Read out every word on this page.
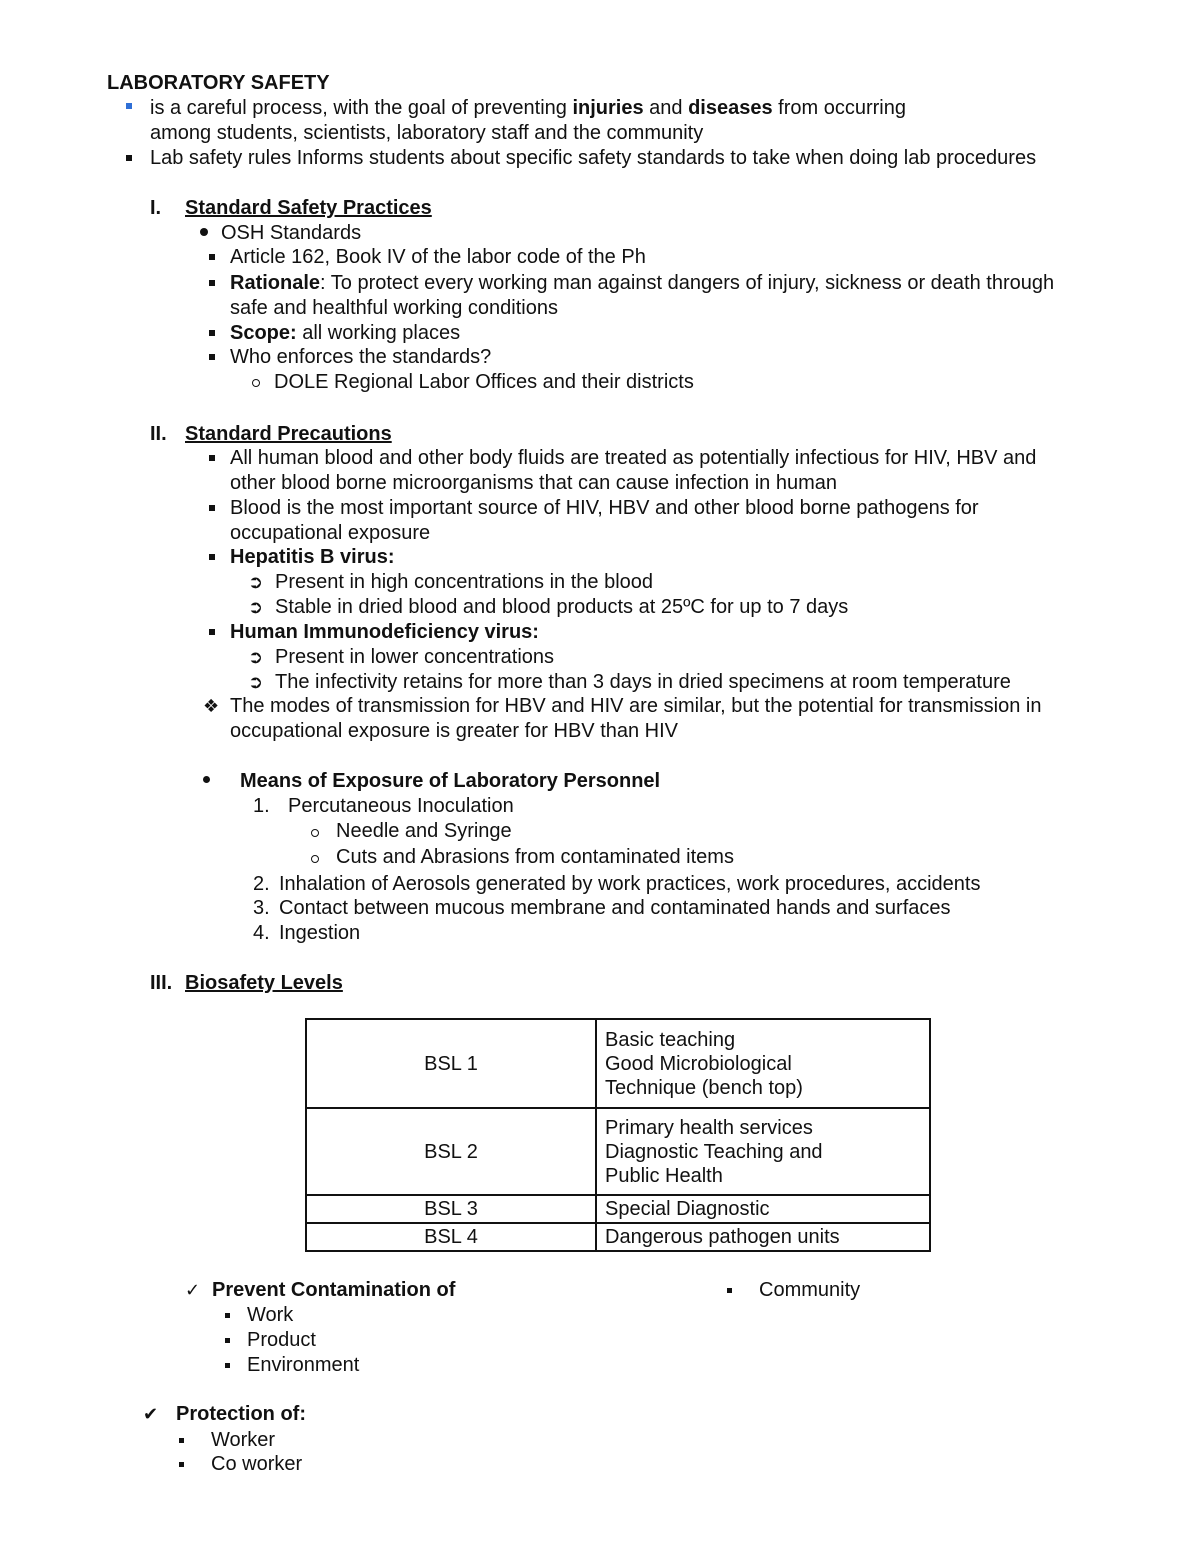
LABORATORY SAFETY
is a careful process, with the goal of preventing injuries and diseases from occurring
among students, scientists, laboratory staff and the community
Lab safety rules Informs students about specific safety standards to take when doing lab procedures
I. Standard Safety Practices
OSH Standards
Article 162, Book IV of the labor code of the Ph
Rationale: To protect every working man against dangers of injury, sickness or death through
safe and healthful working conditions
Scope: all working places
Who enforces the standards?
DOLE Regional Labor Offices and their districts
II. Standard Precautions
All human blood and other body fluids are treated as potentially infectious for HIV, HBV and
other blood borne microorganisms that can cause infection in human
Blood is the most important source of HIV, HBV and other blood borne pathogens for
occupational exposure
Hepatitis B virus:
➲ Present in high concentrations in the blood
➲ Stable in dried blood and blood products at 25ºC for up to 7 days
Human Immunodeficiency virus:
➲ Present in lower concentrations
➲ The infectivity retains for more than 3 days in dried specimens at room temperature
❖ The modes of transmission for HBV and HIV are similar, but the potential for transmission in
occupational exposure is greater for HBV than HIV
Means of Exposure of Laboratory Personnel
1. Percutaneous Inoculation
Needle and Syringe
Cuts and Abrasions from contaminated items
2. Inhalation of Aerosols generated by work practices, work procedures, accidents
3. Contact between mucous membrane and contaminated hands and surfaces
4. Ingestion
III. Biosafety Levels
BSL 1	Basic teaching
Good Microbiological
Technique (bench top)

BSL 2	Primary health services
Diagnostic Teaching and
Public Health

BSL 3	Special Diagnostic

BSL 4	Dangerous pathogen units
✓ Prevent Contamination of
Work
Product
Environment
Community
✔ Protection of:
Worker
Co worker
